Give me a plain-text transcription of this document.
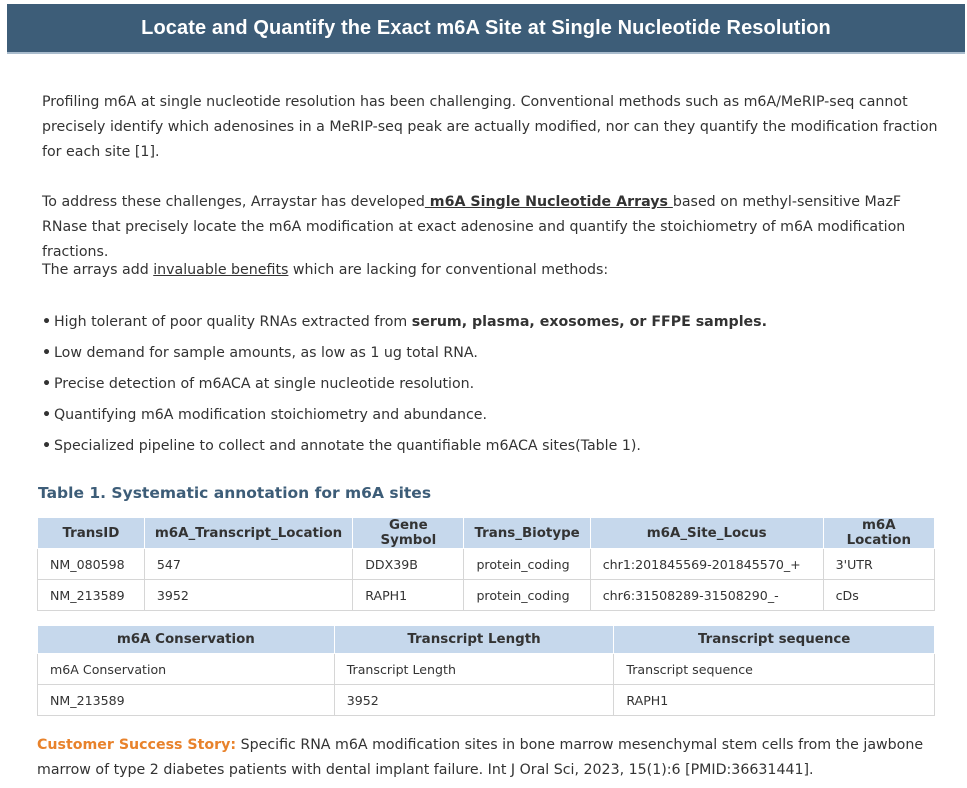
Locate and Quantify the Exact m6A Site at Single Nucleotide Resolution

Profiling m6A at single nucleotide resolution has been challenging. Conventional methods such as m6A/MeRIP-seq cannot precisely identify which adenosines in a MeRIP-seq peak are actually modified, nor can they quantify the modification fraction for each site [1].

To address these challenges, Arraystar has developed m6A Single Nucleotide Arrays based on methyl-sensitive MazF RNase that precisely locate the m6A modification at exact adenosine and quantify the stoichiometry of m6A modification fractions.

The arrays add invaluable benefits which are lacking for conventional methods:

• High tolerant of poor quality RNAs extracted from serum, plasma, exosomes, or FFPE samples.
• Low demand for sample amounts, as low as 1 ug total RNA.
• Precise detection of m6ACA at single nucleotide resolution.
• Quantifying m6A modification stoichiometry and abundance.
• Specialized pipeline to collect and annotate the quantifiable m6ACA sites(Table 1).

Table 1. Systematic annotation for m6A sites

TransID	m6A_Transcript_Location	Gene Symbol	Trans_Biotype	m6A_Site_Locus	m6A Location
NM_080598	547	DDX39B	protein_coding	chr1:201845569-201845570_+	3'UTR
NM_213589	3952	RAPH1	protein_coding	chr6:31508289-31508290_-	cDs
m6A Conservation	Transcript Length	Transcript sequence
m6A Conservation	Transcript Length	Transcript sequence
NM_213589	3952	RAPH1

Customer Success Story: Specific RNA m6A modification sites in bone marrow mesenchymal stem cells from the jawbone marrow of type 2 diabetes patients with dental implant failure. Int J Oral Sci, 2023, 15(1):6 [PMID:36631441].
